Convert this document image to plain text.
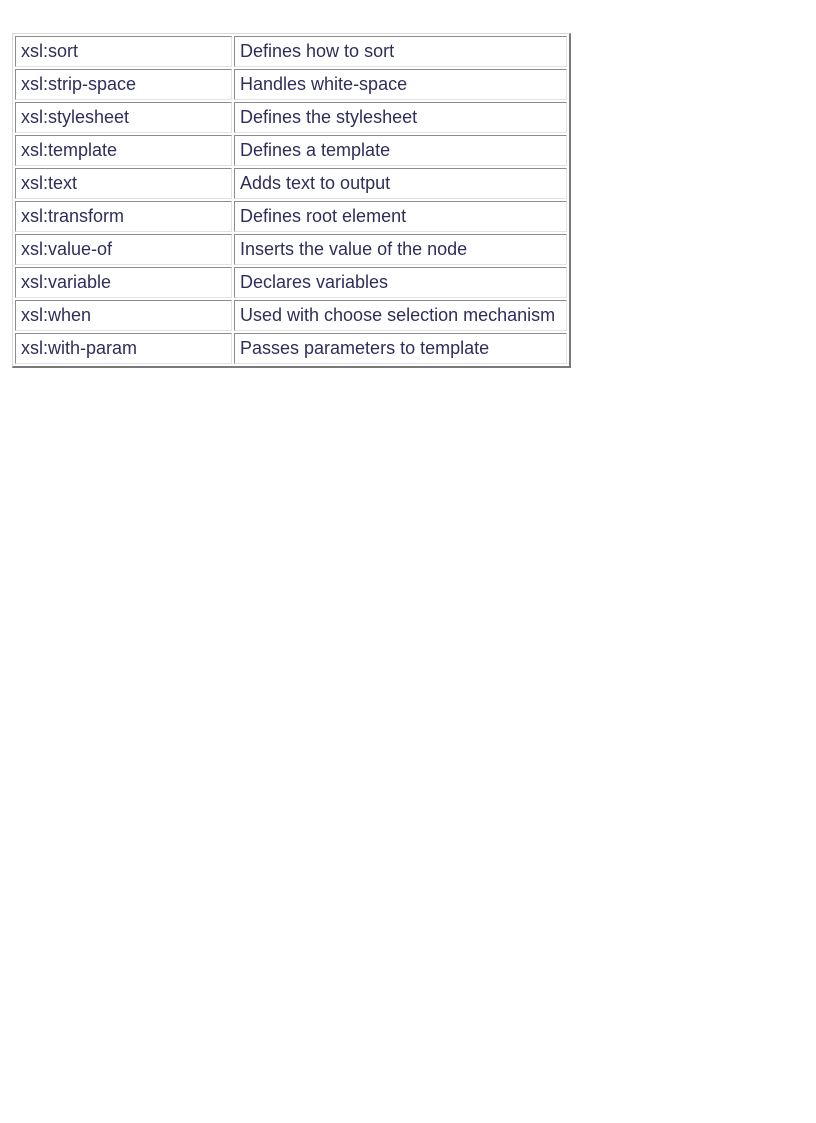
xsl:sort	Defines how to sort
xsl:strip-space	Handles white-space
xsl:stylesheet	Defines the stylesheet
xsl:template	Defines a template
xsl:text	Adds text to output
xsl:transform	Defines root element
xsl:value-of	Inserts the value of the node
xsl:variable	Declares variables
xsl:when	Used with choose selection mechanism
xsl:with-param	Passes parameters to template
